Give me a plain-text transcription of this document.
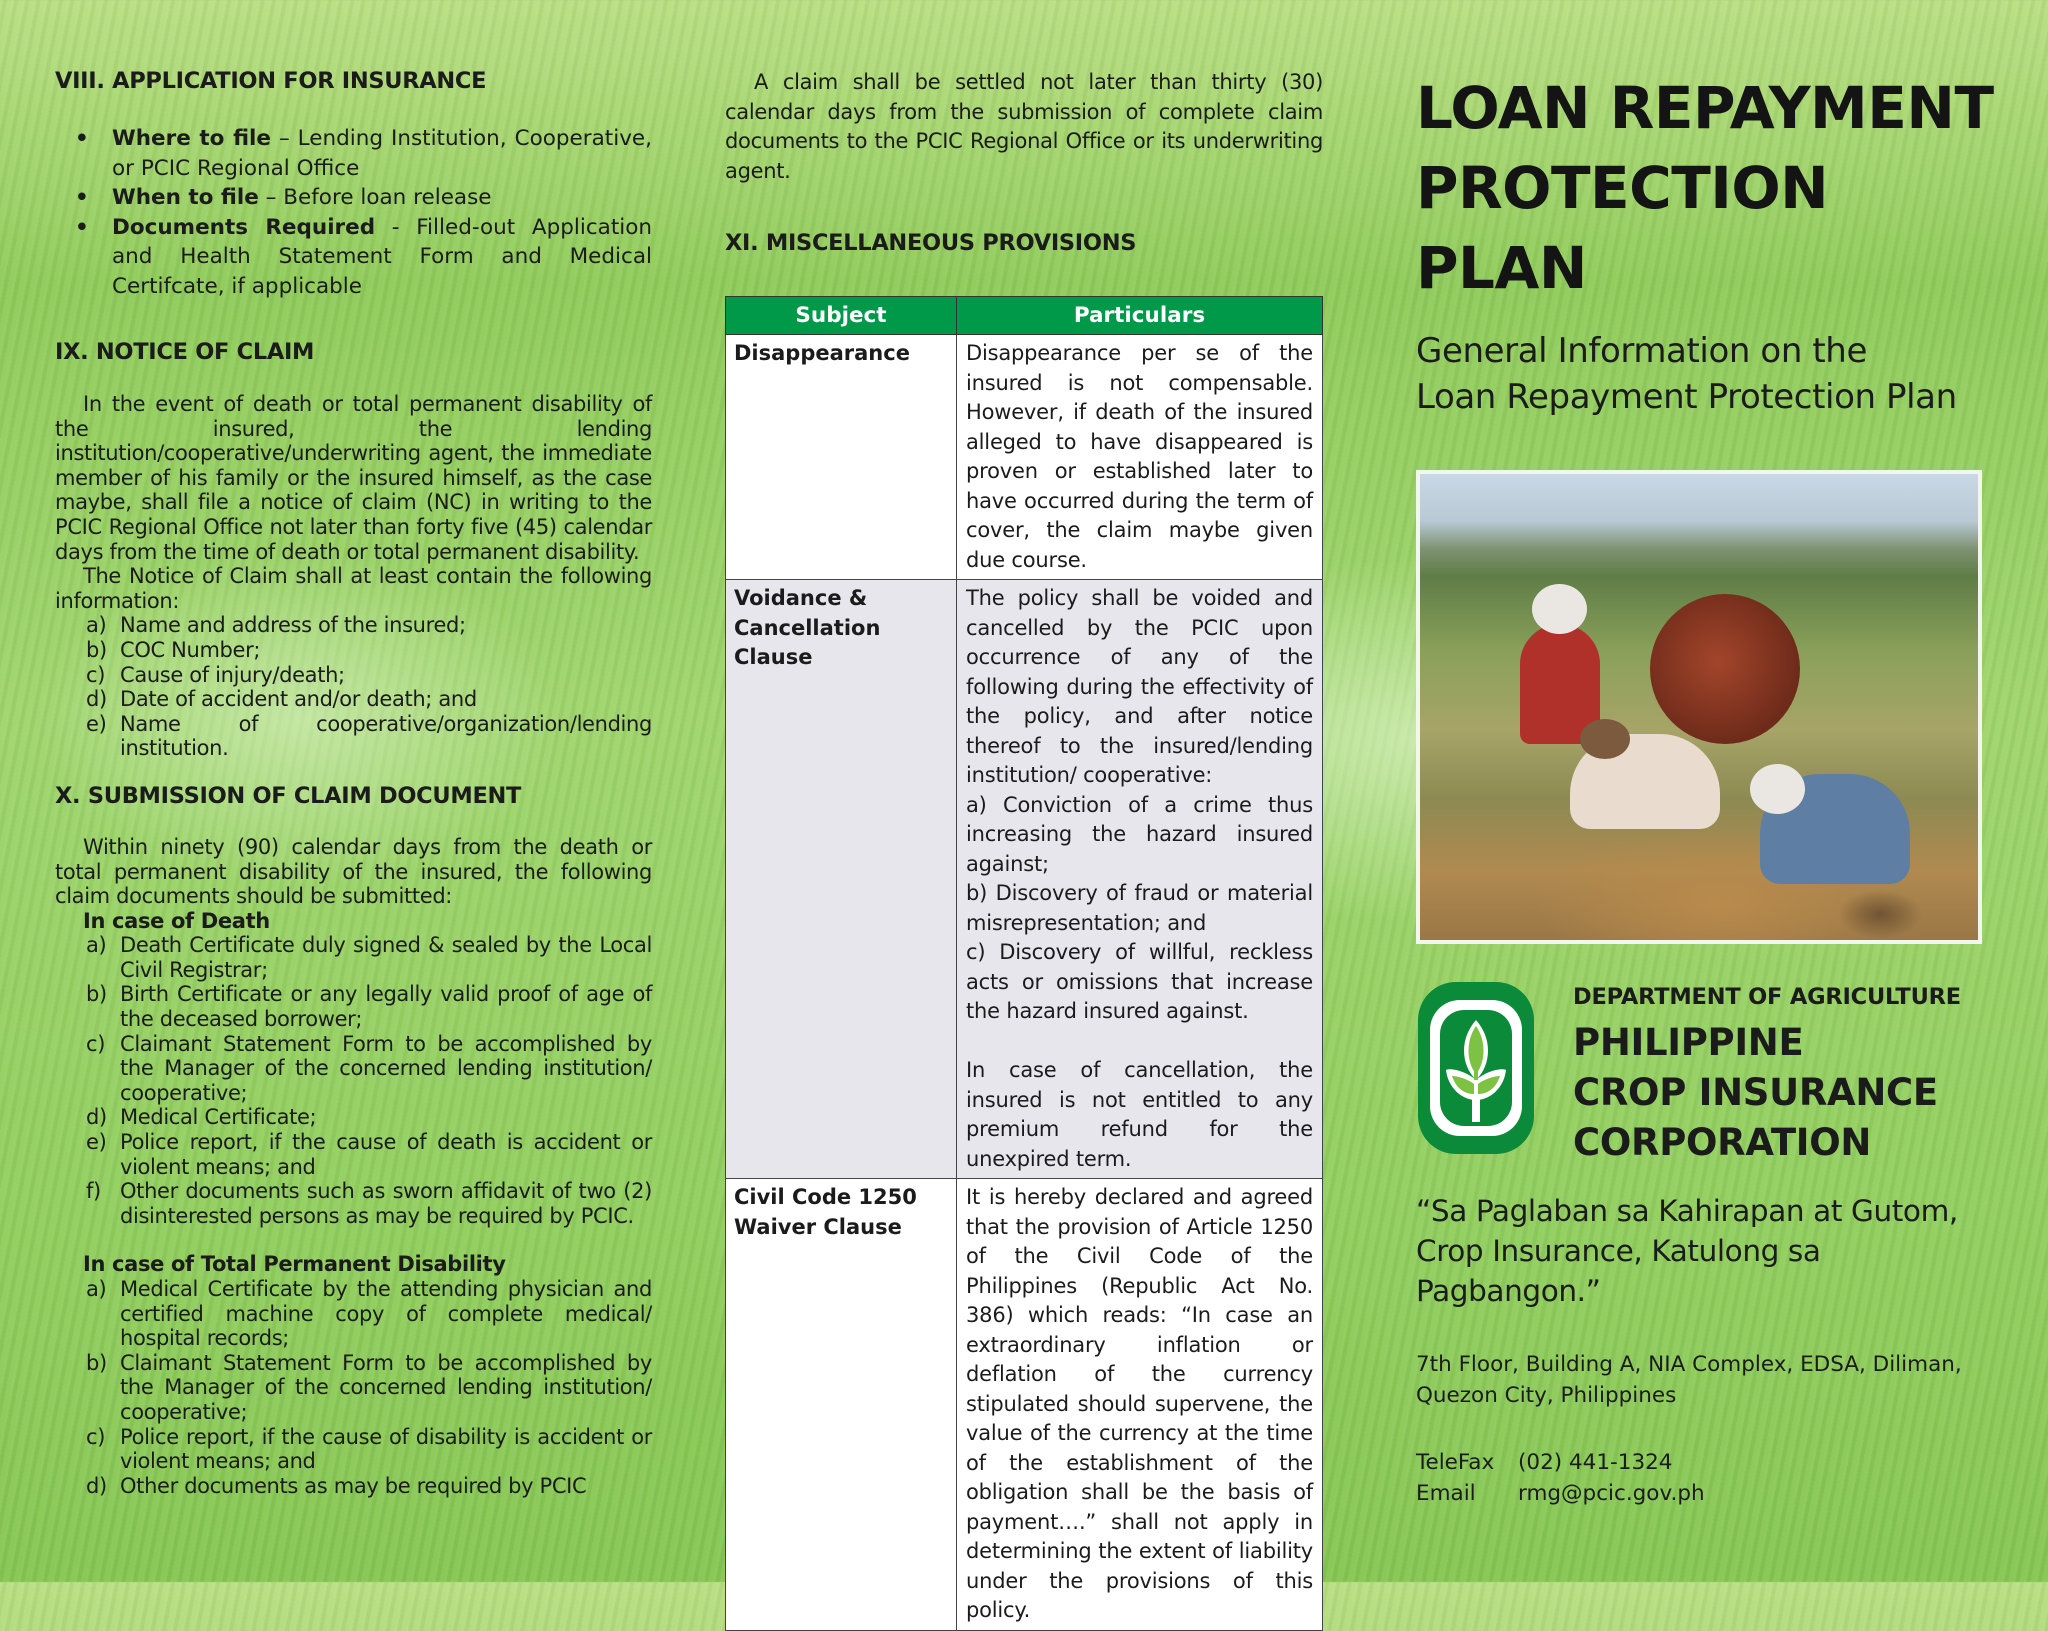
VIII. APPLICATION FOR INSURANCE
• Where to file – Lending Institution, Cooperative, or PCIC Regional Office
• When to file – Before loan release
• Documents Required - Filled-out Application and Health Statement Form and Medical Certifcate, if applicable
IX. NOTICE OF CLAIM

In the event of death or total permanent disability of the insured, the lending institution/cooperative/underwriting agent, the immediate member of his family or the insured himself, as the case maybe, shall file a notice of claim (NC) in writing to the PCIC Regional Office not later than forty five (45) calendar days from the time of death or total permanent disability.

The Notice of Claim shall at least contain the following information:

a) Name and address of the insured;
b) COC Number;
c) Cause of injury/death;
d) Date of accident and/or death; and
e) Name of cooperative/organization/lending institution.
X. SUBMISSION OF CLAIM DOCUMENT

Within ninety (90) calendar days from the death or total permanent disability of the insured, the following claim documents should be submitted:

In case of Death

a) Death Certificate duly signed & sealed by the Local Civil Registrar;
b) Birth Certificate or any legally valid proof of age of the deceased borrower;
c) Claimant Statement Form to be accomplished by the Manager of the concerned lending institution/ cooperative;
d) Medical Certificate;
e) Police report, if the cause of death is accident or violent means; and
f) Other documents such as sworn affidavit of two (2) disinterested persons as may be required by PCIC.

In case of Total Permanent Disability

a) Medical Certificate by the attending physician and certified machine copy of complete medical/ hospital records;
b) Claimant Statement Form to be accomplished by the Manager of the concerned lending institution/ cooperative;
c) Police report, if the cause of disability is accident or violent means; and
d) Other documents as may be required by PCIC

A claim shall be settled not later than thirty (30) calendar days from the submission of complete claim documents to the PCIC Regional Office or its underwriting agent.

XI. MISCELLANEOUS PROVISIONS
Subject	Particulars
Disappearance	Disappearance per se of the insured is not compensable. However, if death of the insured alleged to have disappeared is proven or established later to have occurred during the term of cover, the claim maybe given due course.

Voidance & Cancellation Clause	The policy shall be voided and cancelled by the PCIC upon occurrence of any of the following during the effectivity of the policy, and after notice thereof to the insured/lending institution/ cooperative:
a) Conviction of a crime thus increasing the hazard insured against;
b) Discovery of fraud or material misrepresentation; and
c) Discovery of willful, reckless acts or omissions that increase the hazard insured against.
In case of cancellation, the insured is not entitled to any premium refund for the unexpired term.

Civil Code 1250 Waiver Clause	It is hereby declared and agreed that the provision of Article 1250 of the Civil Code of the Philippines (Republic Act No. 386) which reads: “In case an extraordinary inflation or deflation of the currency stipulated should supervene, the value of the currency at the time of the establishment of the obligation shall be the basis of payment….” shall not apply in determining the extent of liability under the provisions of this policy.
LOAN REPAYMENT
PROTECTION
PLAN

General Information on the
Loan Repayment Protection Plan

DEPARTMENT OF AGRICULTURE

PHILIPPINE
CROP INSURANCE
CORPORATION

“Sa Paglaban sa Kahirapan at Gutom,
Crop Insurance, Katulong sa Pagbangon.”

7th Floor, Building A, NIA Complex, EDSA, Diliman,
Quezon City, Philippines

TeleFax (02) 441-1324
Email rmg@pcic.gov.ph
